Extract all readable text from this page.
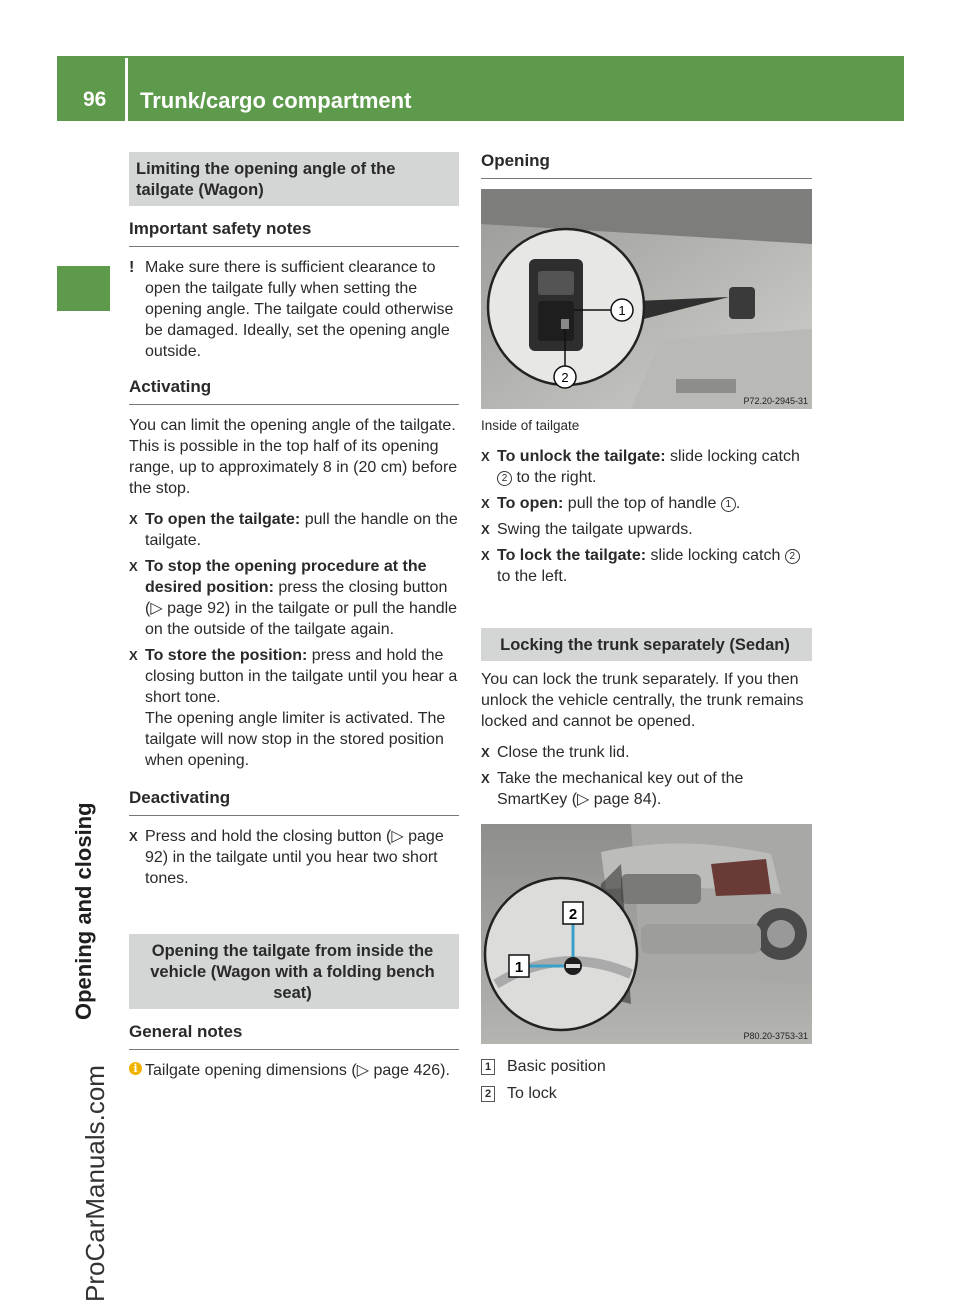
96 Trunk/cargo compartment
Opening and closing
ProCarManuals.com
Limiting the opening angle of the tailgate (Wagon)
Important safety notes
! Make sure there is sufficient clearance to open the tailgate fully when setting the opening angle. The tailgate could otherwise be damaged. Ideally, set the opening angle outside.
Activating

You can limit the opening angle of the tailgate. This is possible in the top half of its opening range, up to approximately 8 in (20 cm) before the stop.

X To open the tailgate: pull the handle on the tailgate.
X To stop the opening procedure at the desired position: press the closing button (▷ page 92) in the tailgate or pull the handle on the outside of the tailgate again.
X To store the position: press and hold the closing button in the tailgate until you hear a short tone.
The opening angle limiter is activated. The tailgate will now stop in the stored position when opening.
Deactivating
X Press and hold the closing button (▷ page 92) in the tailgate until you hear two short tones.
Opening the tailgate from inside the vehicle (Wagon with a folding bench seat)
General notes
i Tailgate opening dimensions (▷ page 426).
Opening
1
2
P72.20-2945-31
Inside of tailgate
X To unlock the tailgate: slide locking catch 2 to the right.
X To open: pull the top of handle 1 .
X Swing the tailgate upwards.
X To lock the tailgate: slide locking catch 2 to the left.
Locking the trunk separately (Sedan)

You can lock the trunk separately. If you then unlock the vehicle centrally, the trunk remains locked and cannot be opened.

X Close the trunk lid.
X Take the mechanical key out of the SmartKey (▷ page 84).
2
1
P80.20-3753-31
1 Basic position
2 To lock
